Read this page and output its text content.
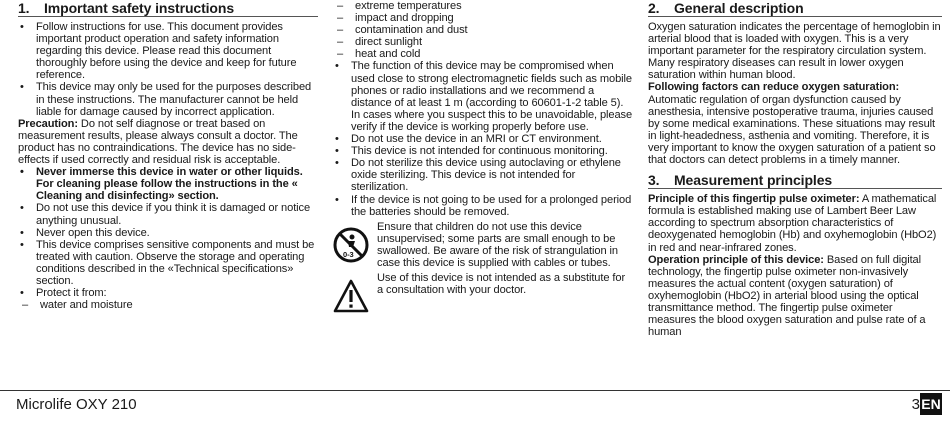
1. Important safety instructions
• Follow instructions for use. This document provides important product operation and safety information regarding this device. Please read this document thoroughly before using the device and keep for future reference.
• This device may only be used for the purposes described in these instructions. The manufacturer cannot be held liable for damage caused by incorrect application.

Precaution: Do not self diagnose or treat based on measurement results, please always consult a doctor. The product has no contraindications. The device has no side-effects if used correctly and residual risk is acceptable.

• Never immerse this device in water or other liquids. For cleaning please follow the instructions in the « Cleaning and disinfecting» section.
• Do not use this device if you think it is damaged or notice anything unusual.
• Never open this device.
• This device comprises sensitive components and must be treated with caution. Observe the storage and operating conditions described in the «Technical specifications» section.
• Protect it from:
– water and moisture
– extreme temperatures
– impact and dropping
– contamination and dust
– direct sunlight
– heat and cold
• The function of this device may be compromised when used close to strong electromagnetic fields such as mobile phones or radio installations and we recommend a distance of at least 1 m (according to 60601-1-2 table 5). In cases where you suspect this to be unavoidable, please verify if the device is working properly before use.
• Do not use the device in an MRI or CT environment.
• This device is not intended for continuous monitoring.
• Do not sterilize this device using autoclaving or ethylene oxide sterilizing. This device is not intended for sterilization.
• If the device is not going to be used for a prolonged period the batteries should be removed.
0-3

Ensure that children do not use this device unsupervised; some parts are small enough to be swallowed. Be aware of the risk of strangulation in case this device is supplied with cables or tubes.

Use of this device is not intended as a substitute for a consultation with your doctor.

2. General description

Oxygen saturation indicates the percentage of hemoglobin in arterial blood that is loaded with oxygen. This is a very important parameter for the respiratory circulation system. Many respiratory diseases can result in lower oxygen saturation within human blood.

Following factors can reduce oxygen saturation: Automatic regulation of organ dysfunction caused by anesthesia, intensive postoperative trauma, injuries caused by some medical examinations. These situations may result in light-headedness, asthenia and vomiting. Therefore, it is very important to know the oxygen saturation of a patient so that doctors can detect problems in a timely manner.

3. Measurement principles

Principle of this fingertip pulse oximeter: A mathematical formula is established making use of Lambert Beer Law according to spectrum absorption characteristics of deoxygenated hemoglobin (Hb) and oxyhemoglobin (HbO2) in red and near-infrared zones.

Operation principle of this device: Based on full digital technology, the fingertip pulse oximeter non-invasively measures the actual content (oxygen saturation) of oxyhemoglobin (HbO2) in arterial blood using the optical transmittance method. The fingertip pulse oximeter measures the blood oxygen saturation and pulse rate of a human

Microlife OXY 210	3 EN
